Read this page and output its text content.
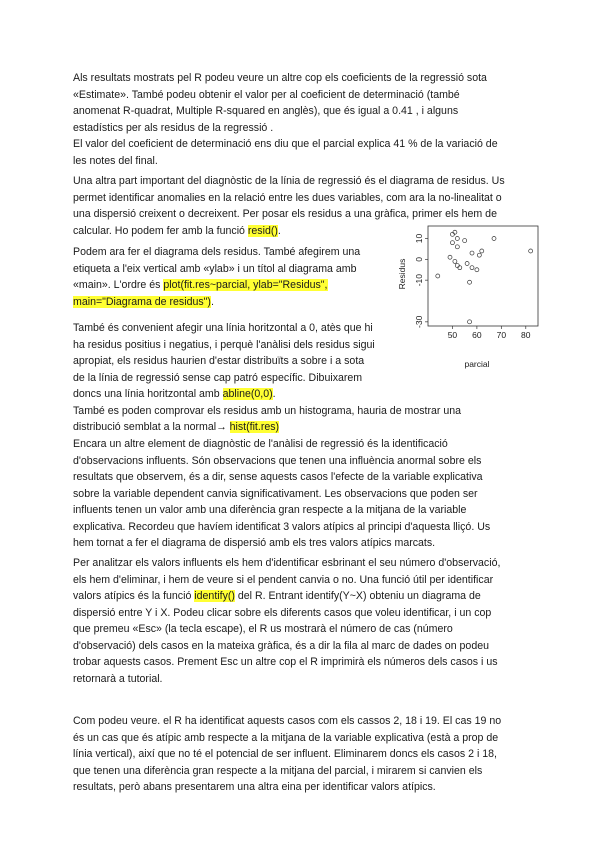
Als resultats mostrats pel R podeu veure un altre cop els coeficients de la regressió sota
«Estimate». També podeu obtenir el valor per al coeficient de determinació (també
anomenat R-quadrat, Multiple R-squared en anglès), que és igual a 0.41 , i alguns
estadístics per als residus de la regressió .
El valor del coeficient de determinació ens diu que el parcial explica 41 % de la variació de
les notes del final.
Una altra part important del diagnòstic de la línia de regressió és el diagrama de residus. Us
permet identificar anomalies en la relació entre les dues variables, com ara la no-linealitat o
una dispersió creixent o decreixent. Per posar els residus a una gràfica, primer els hem de
calcular. Ho podem fer amb la funció resid().
Podem ara fer el diagrama dels residus. També afegirem una
etiqueta a l'eix vertical amb «ylab» i un títol al diagrama amb
«main». L'ordre és plot(fit.res~parcial, ylab="Residus",
main="Diagrama de residus").
També és convenient afegir una línia horitzontal a 0, atès que hi
ha residus positius i negatius, i perquè l'anàlisi dels residus sigui
apropiat, els residus haurien d'estar distribuïts a sobre i a sota
de la línia de regressió sense cap patró específic. Dibuixarem
doncs una línia horitzontal amb abline(0,0).
També es poden comprovar els residus amb un histograma, hauria de mostrar una
distribució semblat a la normal→ hist(fit.res)
50 60 70 80
-30
-10
0
10
parcial
Residus
Encara un altre element de diagnòstic de l'anàlisi de regressió és la identificació
d'observacions influents. Són observacions que tenen una influència anormal sobre els
resultats que observem, és a dir, sense aquests casos l'efecte de la variable explicativa
sobre la variable dependent canvia significativament. Les observacions que poden ser
influents tenen un valor amb una diferència gran respecte a la mitjana de la variable
explicativa. Recordeu que havíem identificat 3 valors atípics al principi d'aquesta lliçó. Us
hem tornat a fer el diagrama de dispersió amb els tres valors atípics marcats.
Per analitzar els valors influents els hem d'identificar esbrinant el seu número d'observació,
els hem d'eliminar, i hem de veure si el pendent canvia o no. Una funció útil per identificar
valors atípics és la funció identify() del R. Entrant identify(Y~X) obteniu un diagrama de
dispersió entre Y i X. Podeu clicar sobre els diferents casos que voleu identificar, i un cop
que premeu «Esc» (la tecla escape), el R us mostrarà el número de cas (número
d'observació) dels casos en la mateixa gràfica, és a dir la fila al marc de dades on podeu
trobar aquests casos. Prement Esc un altre cop el R imprimirà els números dels casos i us
retornarà a tutorial.
Com podeu veure. el R ha identificat aquests casos com els cassos 2, 18 i 19. El cas 19 no
és un cas que és atípic amb respecte a la mitjana de la variable explicativa (està a prop de
línia vertical), així que no té el potencial de ser influent. Eliminarem doncs els casos 2 i 18,
que tenen una diferència gran respecte a la mitjana del parcial, i mirarem si canvien els
resultats, però abans presentarem una altra eina per identificar valors atípics.
